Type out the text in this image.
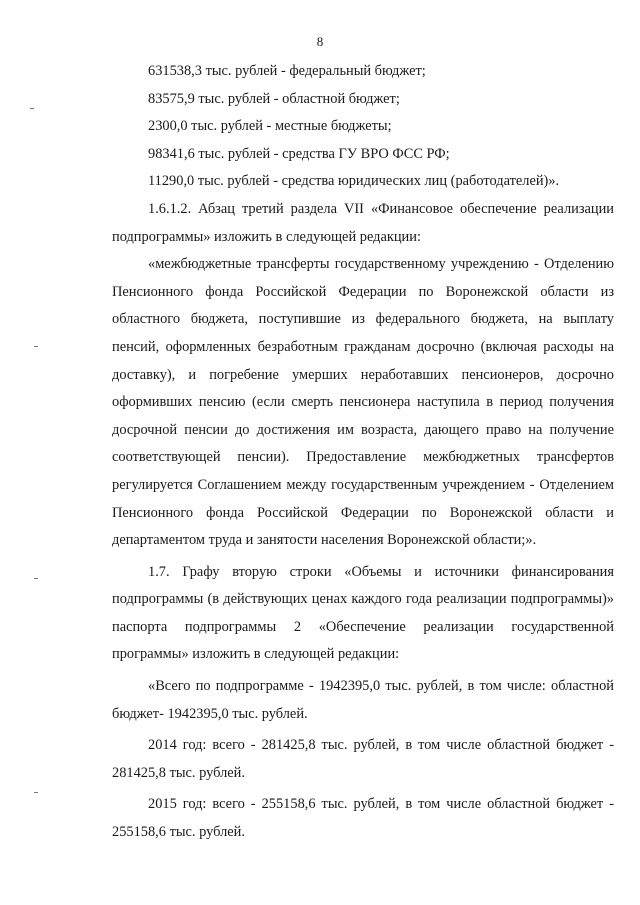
8

631538,3 тыс. рублей - федеральный бюджет;

83575,9 тыс. рублей - областной бюджет;

2300,0 тыс. рублей - местные бюджеты;

98341,6 тыс. рублей - средства ГУ ВРО ФСС РФ;

11290,0 тыс. рублей - средства юридических лиц (работодателей)».

1.6.1.2. Абзац третий раздела VII «Финансовое обеспечение реализации подпрограммы» изложить в следующей редакции:

«межбюджетные трансферты государственному учреждению - Отделению Пенсионного фонда Российской Федерации по Воронежской области из областного бюджета, поступившие из федерального бюджета, на выплату пенсий, оформленных безработным гражданам досрочно (включая расходы на доставку), и погребение умерших неработавших пенсионеров, досрочно оформивших пенсию (если смерть пенсионера наступила в период получения досрочной пенсии до достижения им возраста, дающего право на получение соответствующей пенсии). Предоставление межбюджетных трансфертов регулируется Соглашением между государственным учреждением - Отделением Пенсионного фонда Российской Федерации по Воронежской области и департаментом труда и занятости населения Воронежской области;».

1.7. Графу вторую строки «Объемы и источники финансирования подпрограммы (в действующих ценах каждого года реализации подпрограммы)» паспорта подпрограммы 2 «Обеспечение реализации государственной программы» изложить в следующей редакции:

«Всего по подпрограмме - 1942395,0 тыс. рублей, в том числе: областной бюджет- 1942395,0 тыс. рублей.

2014 год: всего - 281425,8 тыс. рублей, в том числе областной бюджет - 281425,8 тыс. рублей.

2015 год: всего - 255158,6 тыс. рублей, в том числе областной бюджет - 255158,6 тыс. рублей.
